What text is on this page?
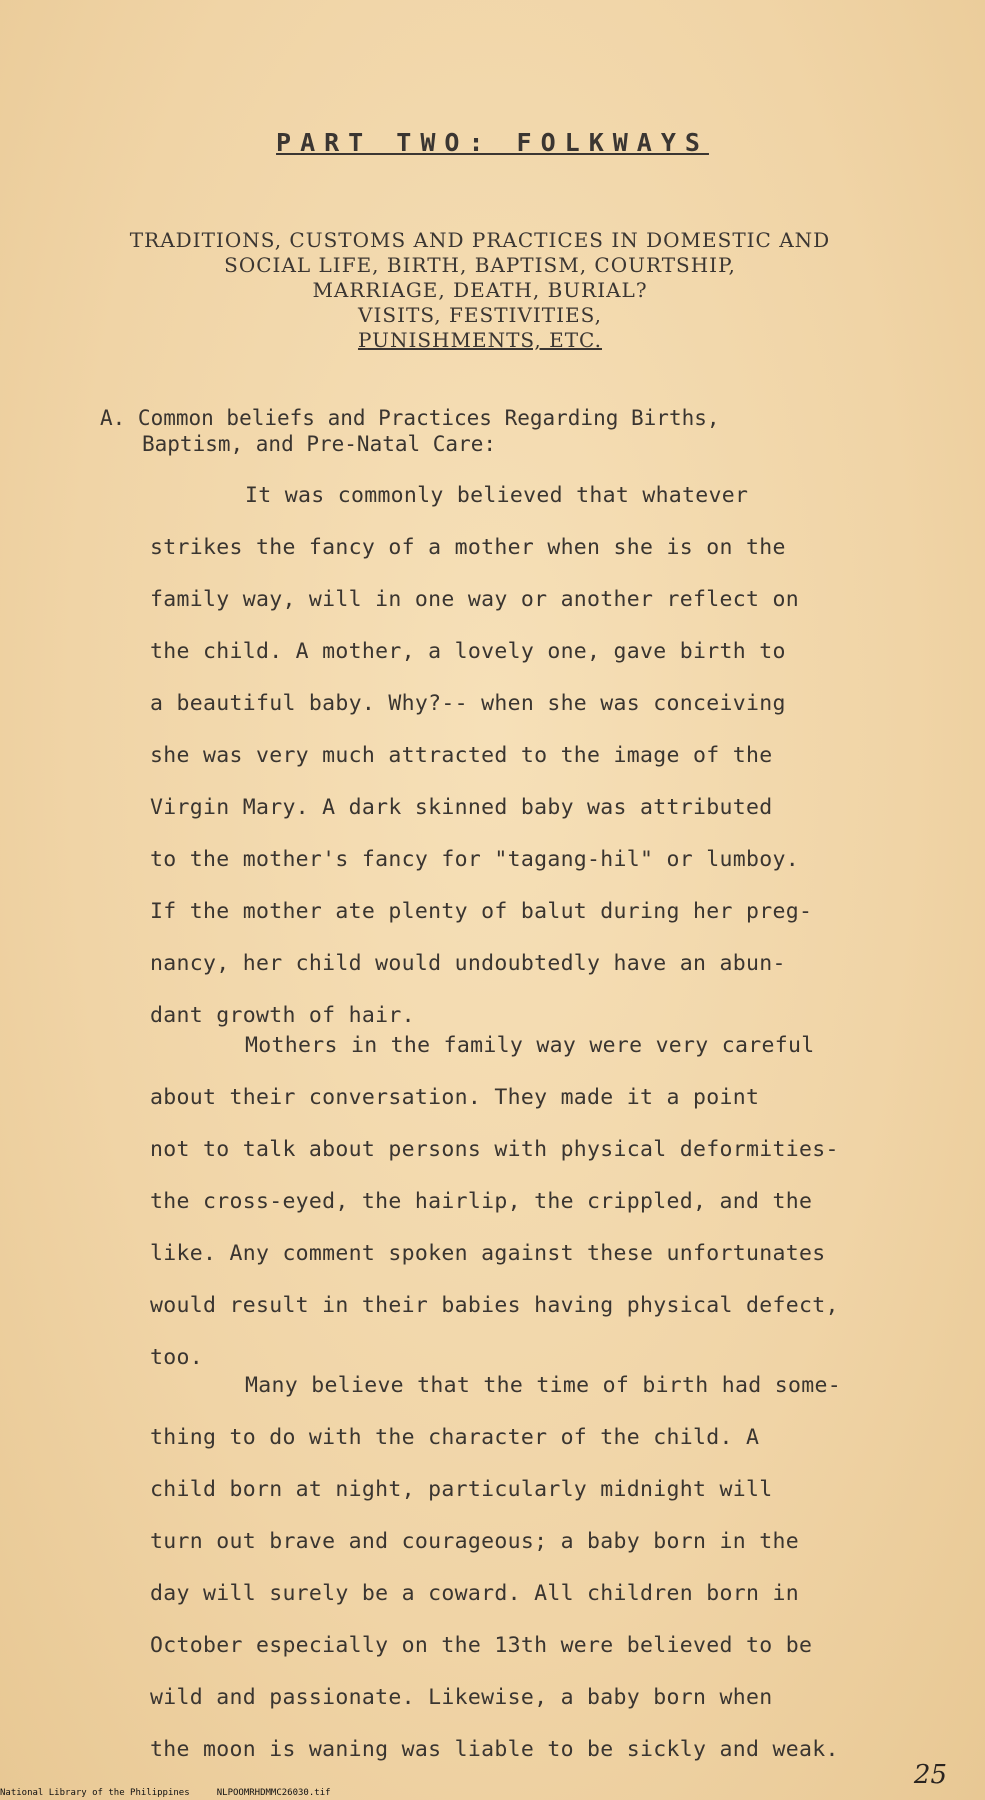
PART TWO: FOLKWAYS
TRADITIONS, CUSTOMS AND PRACTICES IN DOMESTIC AND
SOCIAL LIFE, BIRTH, BAPTISM, COURTSHIP,
MARRIAGE, DEATH, BURIAL?
VISITS, FESTIVITIES,
PUNISHMENTS, ETC.
A. Common beliefs and Practices Regarding Births,
Baptism, and Pre-Natal Care:
It was commonly believed that whatever
strikes the fancy of a mother when she is on the
family way, will in one way or another reflect on
the child. A mother, a lovely one, gave birth to
a beautiful baby. Why?-- when she was conceiving
she was very much attracted to the image of the
Virgin Mary. A dark skinned baby was attributed
to the mother's fancy for "tagang-hil" or lumboy.
If the mother ate plenty of balut during her preg-
nancy, her child would undoubtedly have an abun-
dant growth of hair.
Mothers in the family way were very careful
about their conversation. They made it a point
not to talk about persons with physical deformities-
the cross-eyed, the hairlip, the crippled, and the
like. Any comment spoken against these unfortunates
would result in their babies having physical defect,
too.
Many believe that the time of birth had some-
thing to do with the character of the child. A
child born at night, particularly midnight will
turn out brave and courageous; a baby born in the
day will surely be a coward. All children born in
October especially on the 13th were believed to be
wild and passionate. Likewise, a baby born when
the moon is waning was liable to be sickly and weak.
25
National Library of the Philippines     NLPOOMRHDMMC26030.tif
